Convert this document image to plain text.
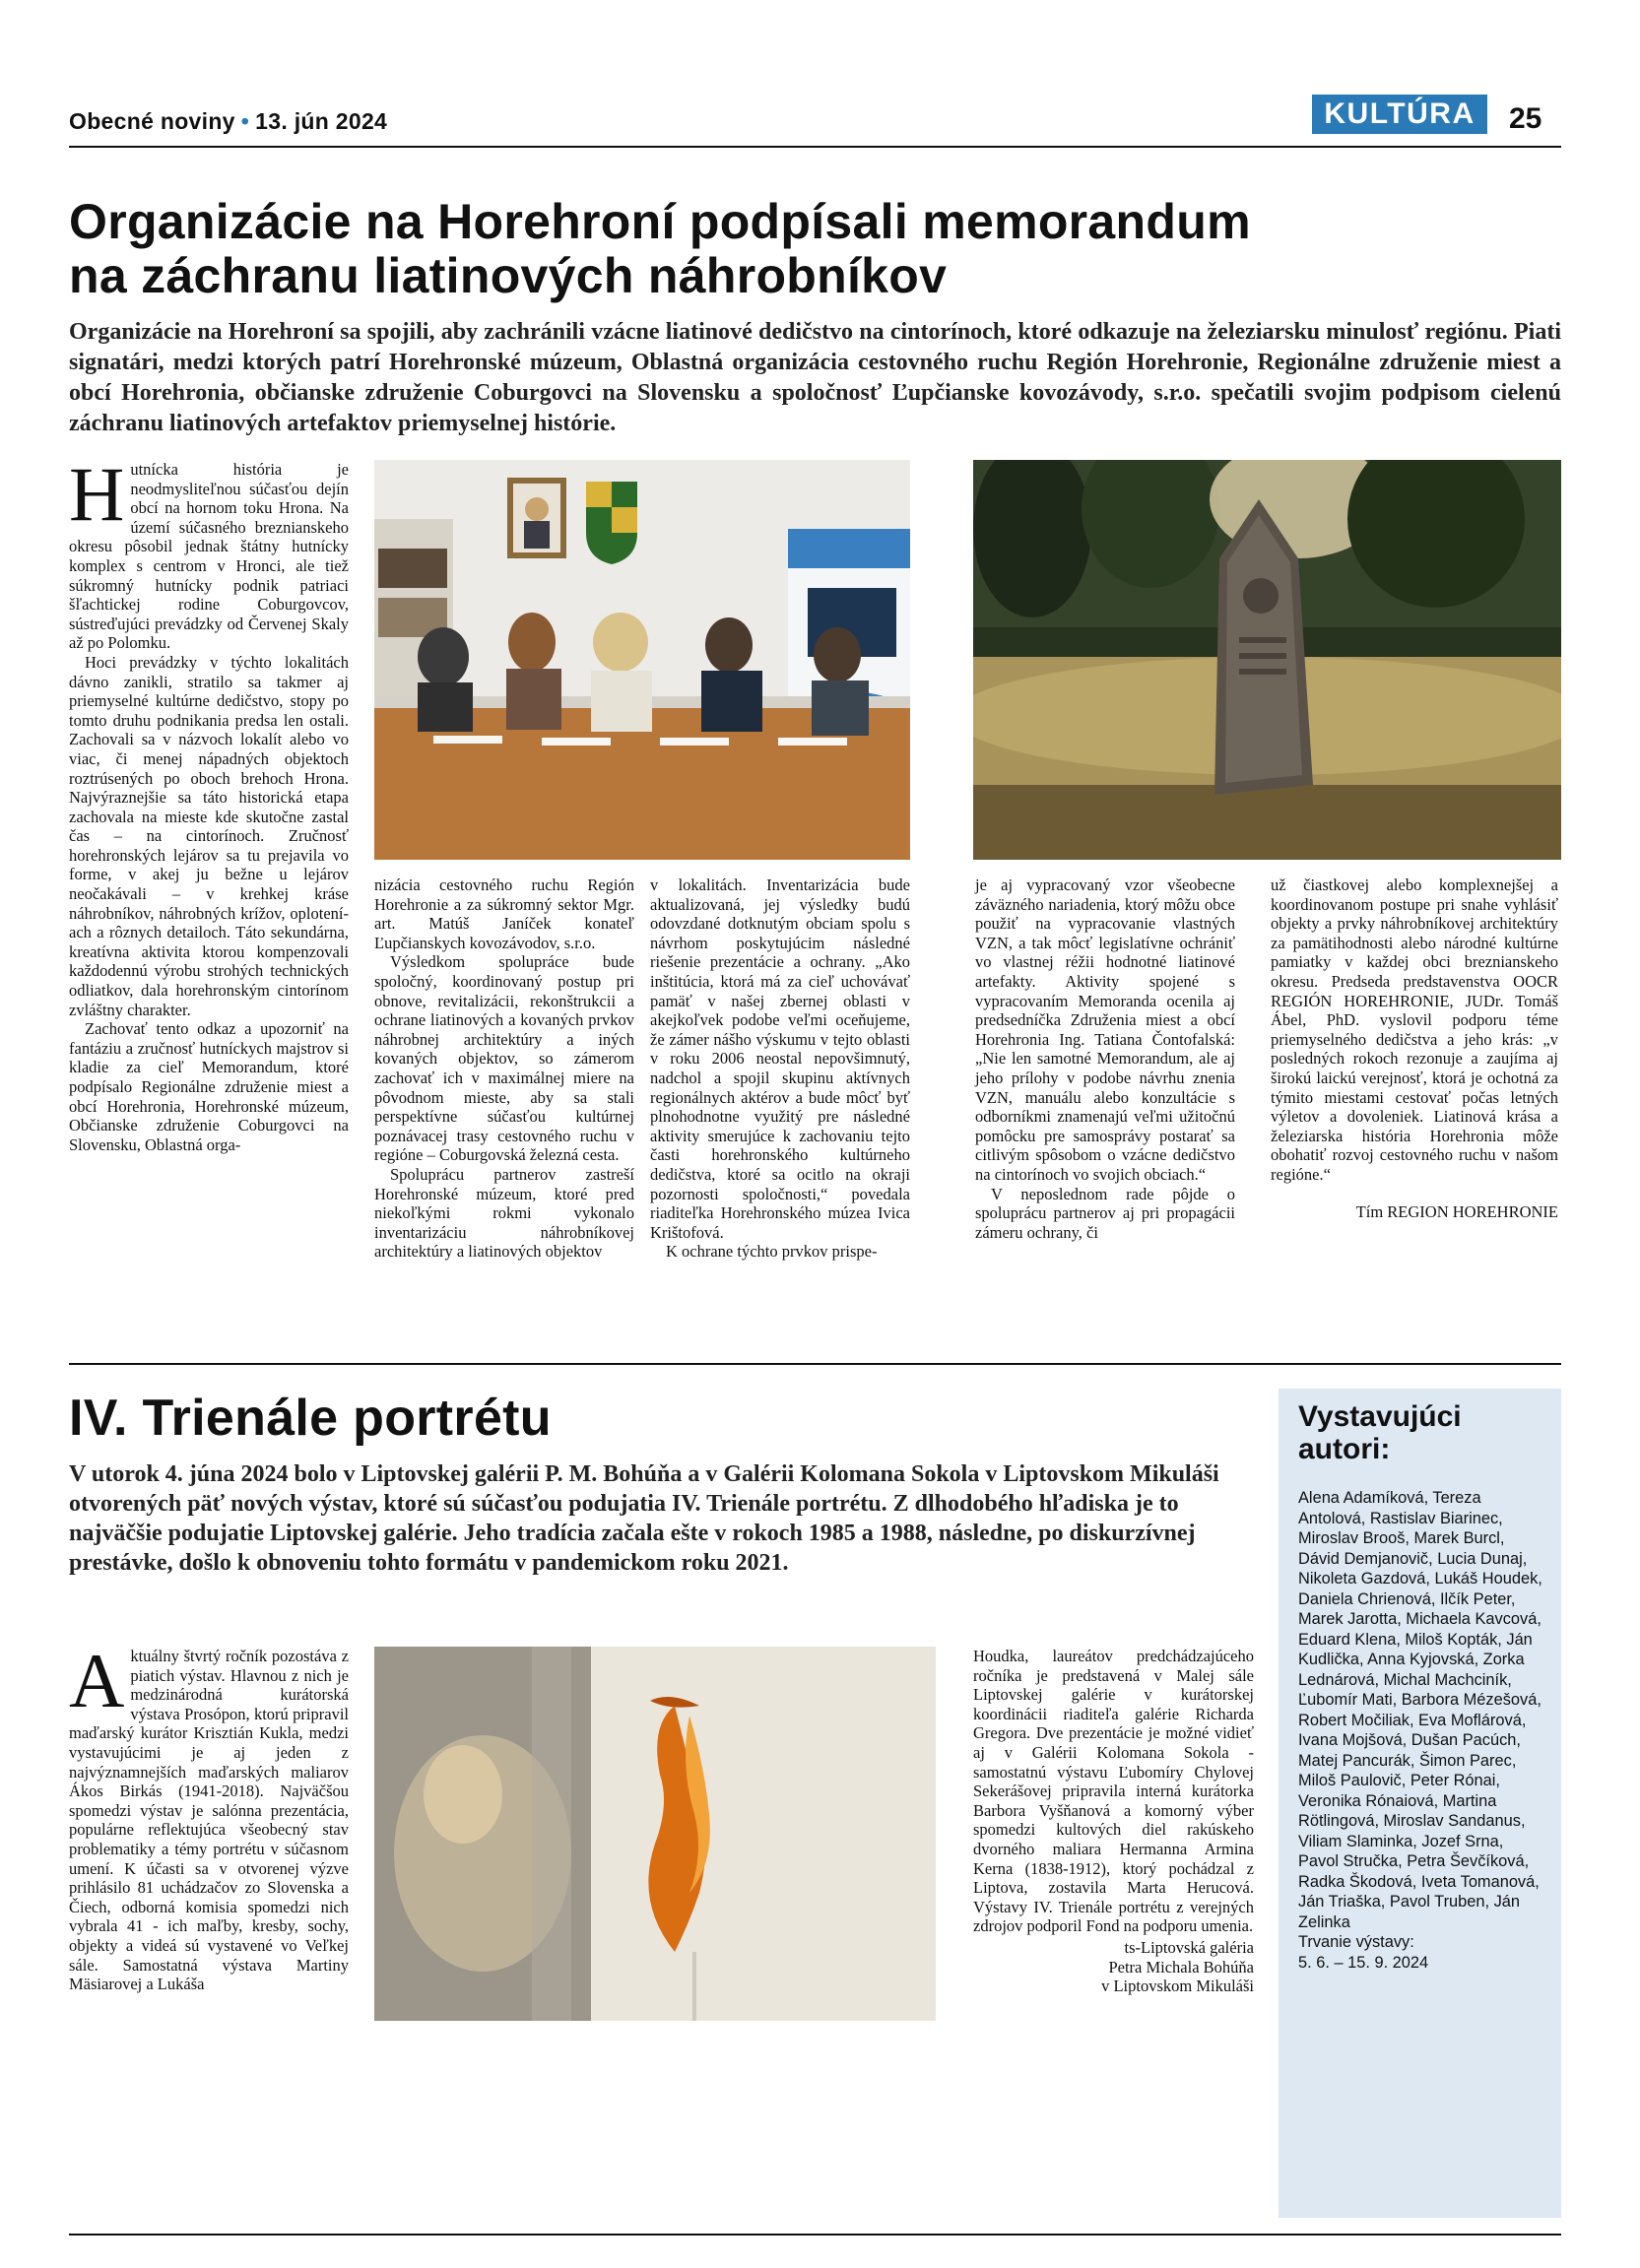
Obecné noviny • 13. jún 2024	KULTÚRA	25
Organizácie na Horehroní podpísali memorandum
na záchranu liatinových náhrobníkov
Organizácie na Horehroní sa spojili, aby zachránili vzácne liatinové dedičstvo na cintorínoch, ktoré odkazuje na železiarsku minulosť regiónu. Piati signatári, medzi ktorých patrí Horehronské múzeum, Oblastná organizácia cestovného ruchu Región Horehronie, Regionálne združenie miest a obcí Horehronia, občianske združenie Coburgovci na Slovensku a spoločnosť Ľupčianske kovozávody, s.r.o. spečatili svojim podpisom cielenú záchranu liatinových artefaktov priemyselnej histórie.

Hutnícka história je neodmysliteľnou súčasťou dejín obcí na hornom toku Hrona. Na území súčasného breznianskeho okresu pôsobil jednak štátny hutnícky komplex s centrom v Hronci, ale tiež súkromný hutnícky podnik patriaci šľachtickej rodine Coburgovcov, sústreďujúci prevádzky od Červenej Skaly až po Polomku.

Hoci prevádzky v týchto lokalitách dávno zanikli, stratilo sa takmer aj priemyselné kultúrne dedičstvo, stopy po tomto druhu podnikania predsa len ostali. Zachovali sa v názvoch lokalít alebo vo viac, či menej nápadných objektoch roztrúsených po oboch brehoch Hrona. Najvýraznejšie sa táto historická etapa zachovala na mieste kde skutočne zastal čas – na cintorínoch. Zručnosť horehronských lejárov sa tu prejavila vo forme, v akej ju bežne u lejárov neočakávali – v krehkej kráse náhrobníkov, náhrobných krížov, oploteníach a rôznych detailoch. Táto sekundárna, kreatívna aktivita ktorou kompenzovali každodennú výrobu strohých technických odliatkov, dala horehronským cintorínom zvláštny charakter.

Zachovať tento odkaz a upozorniť na fantáziu a zručnosť hutníckych majstrov si kladie za cieľ Memorandum, ktoré podpísalo Regionálne združenie miest a obcí Horehronia, Horehronské múzeum, Občianske združenie Coburgovci na Slovensku, Oblastná orga-

nizácia cestovného ruchu Región Horehronie a za súkromný sektor Mgr. art. Matúš Janíček konateľ Ľupčianskych kovozávodov, s.r.o.

Výsledkom spolupráce bude spoločný, koordinovaný postup pri obnove, revitalizácii, rekonštrukcii a ochrane liatinových a kovaných prvkov náhrobnej architektúry a iných kovaných objektov, so zámerom zachovať ich v maximálnej miere na pôvodnom mieste, aby sa stali perspektívne súčasťou kultúrnej poznávacej trasy cestovného ruchu v regióne – Coburgovská železná cesta.

Spoluprácu partnerov zastreší Horehronské múzeum, ktoré pred niekoľkými rokmi vykonalo inventarizáciu náhrobníkovej architektúry a liatinových objektov

v lokalitách. Inventarizácia bude aktualizovaná, jej výsledky budú odovzdané dotknutým obciam spolu s návrhom poskytujúcim následné riešenie prezentácie a ochrany. „Ako inštitúcia, ktorá má za cieľ uchovávať pamäť v našej zbernej oblasti v akejkoľvek podobe veľmi oceňujeme, že zámer nášho výskumu v tejto oblasti v roku 2006 neostal nepovšimnutý, nadchol a spojil skupinu aktívnych regionálnych aktérov a bude môcť byť plnohodnotne využitý pre následné aktivity smerujúce k zachovaniu tejto časti horehronského kultúrneho dedičstva, ktoré sa ocitlo na okraji pozornosti spoločnosti,“ povedala riaditeľka Horehronského múzea Ivica Krištofová.

K ochrane týchto prvkov prispe-

je aj vypracovaný vzor všeobecne záväzného nariadenia, ktorý môžu obce použiť na vypracovanie vlastných VZN, a tak môcť legislatívne ochrániť vo vlastnej réžii hodnotné liatinové artefakty. Aktivity spojené s vypracovaním Memoranda ocenila aj predsedníčka Združenia miest a obcí Horehronia Ing. Tatiana Čontofalská: „Nie len samotné Memorandum, ale aj jeho prílohy v podobe návrhu znenia VZN, manuálu alebo konzultácie s odborníkmi znamenajú veľmi užitočnú pomôcku pre samosprávy postarať sa citlivým spôsobom o vzácne dedičstvo na cintorínoch vo svojich obciach.“

V neposlednom rade pôjde o spoluprácu partnerov aj pri propagácii zámeru ochrany, či

už čiastkovej alebo komplexnejšej a koordinovanom postupe pri snahe vyhlásiť objekty a prvky náhrobníkovej architektúry za pamätihodnosti alebo národné kultúrne pamiatky v každej obci breznianskeho okresu. Predseda predstavenstva OOCR REGIÓN HOREHRONIE, JUDr. Tomáš Ábel, PhD. vyslovil podporu téme priemyselného dedičstva a jeho krás: „v posledných rokoch rezonuje a zaujíma aj širokú laickú verejnosť, ktorá je ochotná za týmito miestami cestovať počas letných výletov a dovoleniek. Liatinová krása a železiarska história Horehronia môže obohatiť rozvoj cestovného ruchu v našom regióne.“

Tím REGION HOREHRONIE

IV. Trienále portrétu
V utorok 4. júna 2024 bolo v Liptovskej galérii P. M. Bohúňa a v Galérii Kolomana Sokola v Liptovskom Mikuláši otvorených päť nových výstav, ktoré sú súčasťou podujatia IV. Trienále portrétu. Z dlhodobého hľadiska je to najväčšie podujatie Liptovskej galérie. Jeho tradícia začala ešte v rokoch 1985 a 1988, následne, po diskurzívnej prestávke, došlo k obnoveniu tohto formátu v pandemickom roku 2021.

Aktuálny štvrtý ročník pozostáva z piatich výstav. Hlavnou z nich je medzinárodná kurátorská výstava Prosópon, ktorú pripravil maďarský kurátor Krisztián Kukla, medzi vystavujúcimi je aj jeden z najvýznamnejších maďarských maliarov Ákos Birkás (1941-2018). Najväčšou spomedzi výstav je salónna prezentácia, populárne reflektujúca všeobecný stav problematiky a témy portrétu v súčasnom umení. K účasti sa v otvorenej výzve prihlásilo 81 uchádzačov zo Slovenska a Čiech, odborná komisia spomedzi nich vybrala 41 - ich maľby, kresby, sochy, objekty a videá sú vystavené vo Veľkej sále. Samostatná výstava Martiny Mäsiarovej a Lukáša

Houdka, laureátov predchádzajúceho ročníka je predstavená v Malej sále Liptovskej galérie v kurátorskej koordinácii riaditeľa galérie Richarda Gregora. Dve prezentácie je možné vidieť aj v Galérii Kolomana Sokola - samostatnú výstavu Ľubomíry Chylovej Sekerášovej pripravila interná kurátorka Barbora Vyšňanová a komorný výber spomedzi kultových diel rakúskeho dvorného maliara Hermanna Armina Kerna (1838-1912), ktorý pochádzal z Liptova, zostavila Marta Herucová. Výstavy IV. Trienále portrétu z verejných zdrojov podporil Fond na podporu umenia.

ts-Liptovská galéria

Petra Michala Bohúňa

v Liptovskom Mikuláši

Vystavujúci autori:
Alena Adamíková, Tereza Antolová, Rastislav Biarinec, Miroslav Brooš, Marek Burcl, Dávid Demjanovič, Lucia Dunaj, Nikoleta Gazdová, Lukáš Houdek, Daniela Chrienová, Ilčík Peter, Marek Jarotta, Michaela Kavcová, Eduard Klena, Miloš Kopták, Ján Kudlička, Anna Kyjovská, Zorka Lednárová, Michal Machciník, Ľubomír Mati, Barbora Mézešová, Robert Močiliak, Eva Moflárová, Ivana Mojšová, Dušan Pacúch, Matej Pancurák, Šimon Parec, Miloš Paulovič, Peter Rónai, Veronika Rónaiová, Martina Rötlingová, Miroslav Sandanus, Viliam Slaminka, Jozef Srna, Pavol Stručka, Petra Ševčíková, Radka Škodová, Iveta Tomanová, Ján Triaška, Pavol Truben, Ján Zelinka
Trvanie výstavy:
5. 6. – 15. 9. 2024
